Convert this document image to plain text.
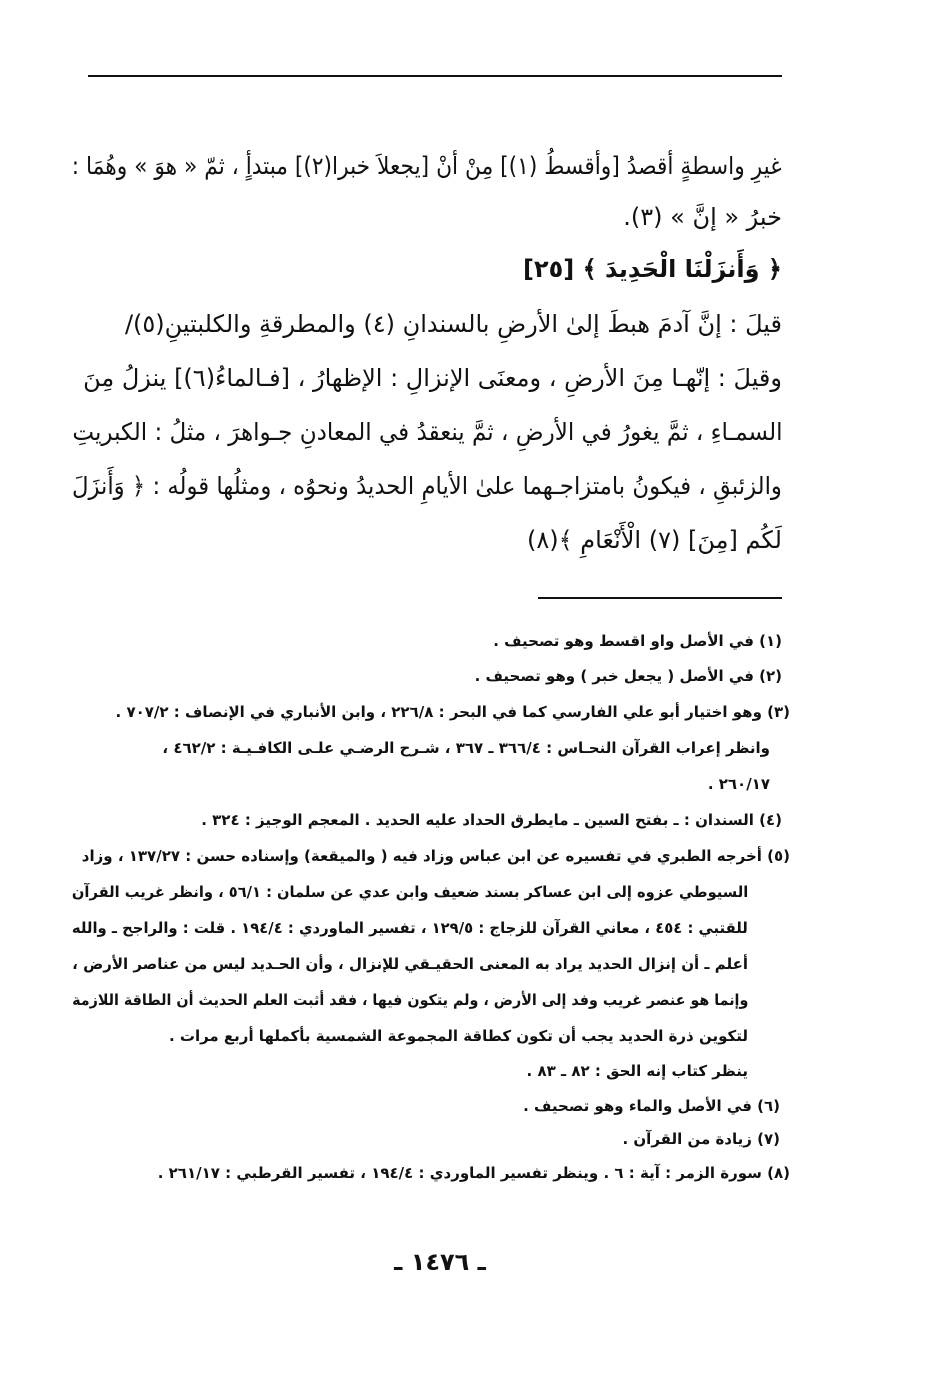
غيرِ واسطةٍ أقصدُ [وأقسطُ (١)] مِنْ أنْ [يجعلاَ خبرا(٢)] مبتدأٍ ، ثمّ « هوَ » وهُمَا :
خبرُ « إنَّ » (٣).
﴿ وَأَنزَلْنَا الْحَدِيدَ ﴾ [٢٥]
قيلَ : إنَّ آدمَ هبطَ إلىٰ الأرضِ بالسندانِ (٤) والمطرقةِ والكلبتينِ(٥)/
وقيلَ : إنّهـا مِنَ الأرضِ ، ومعنَى الإنزالِ : الإظهارُ ، [فـالماءُ(٦)] ينزلُ مِنَ
السمـاءِ ، ثمَّ يغورُ في الأرضِ ، ثمَّ ينعقدُ في المعادنِ جـواهرَ ، مثلُ : الكبريتِ
والزئبقِ ، فيكونُ بامتزاجـهما علىٰ الأيامِ الحديدُ ونحوُه ، ومثلُها قولُه : ﴿ وَأَنزَلَ
لَكُم [مِنَ] (٧) الْأَنْعَامِ ﴾(٨)
(١) في الأصل واو اقسط وهو تصحيف .
(٢) في الأصل ( يجعل خبر ) وهو تصحيف .
(٣) وهو اختيار أبو علي الفارسي كما في البحر : ٢٢٦/٨ ، وابن الأنباري في الإنصاف : ٧٠٧/٢ .
وانظر إعراب القرآن النحـاس : ٣٦٦/٤ ـ ٣٦٧ ، شـرح الرضـي علـى الكافـيـة : ٤٦٢/٢ ،
٢٦٠/١٧ .
(٤) السندان : ـ بفتح السين ـ مايطرق الحداد عليه الحديد . المعجم الوجيز : ٣٢٤ .
(٥) أخرجه الطبري في تفسيره عن ابن عباس وزاد فيه ( والميقعة) وإسناده حسن : ١٣٧/٢٧ ، وزاد
السيوطي عزوه إلى ابن عساكر بسند ضعيف وابن عدي عن سلمان : ٥٦/١ ، وانظر غريب القرآن
للقتبي : ٤٥٤ ، معاني القرآن للزجاج : ١٢٩/٥ ، تفسير الماوردي : ١٩٤/٤ . قلت : والراجح ـ والله
أعلم ـ أن إنزال الحديد يراد به المعنى الحقيـقي للإنزال ، وأن الحـديد ليس من عناصر الأرض ،
وإنما هو عنصر غريب وفد إلى الأرض ، ولم يتكون فيها ، فقد أثبت العلم الحديث أن الطاقة اللازمة
لتكوين ذرة الحديد يجب أن تكون كطاقة المجموعة الشمسية بأكملها أربع مرات .
ينظر كتاب إنه الحق : ٨٢ ـ ٨٣ .
(٦) في الأصل والماء وهو تصحيف .
(٧) زيادة من القرآن .
(٨) سورة الزمر : آية : ٦ . وينظر تفسير الماوردي : ١٩٤/٤ ، تفسير القرطبي : ٢٦١/١٧ .
ـ ١٤٧٦ ـ
